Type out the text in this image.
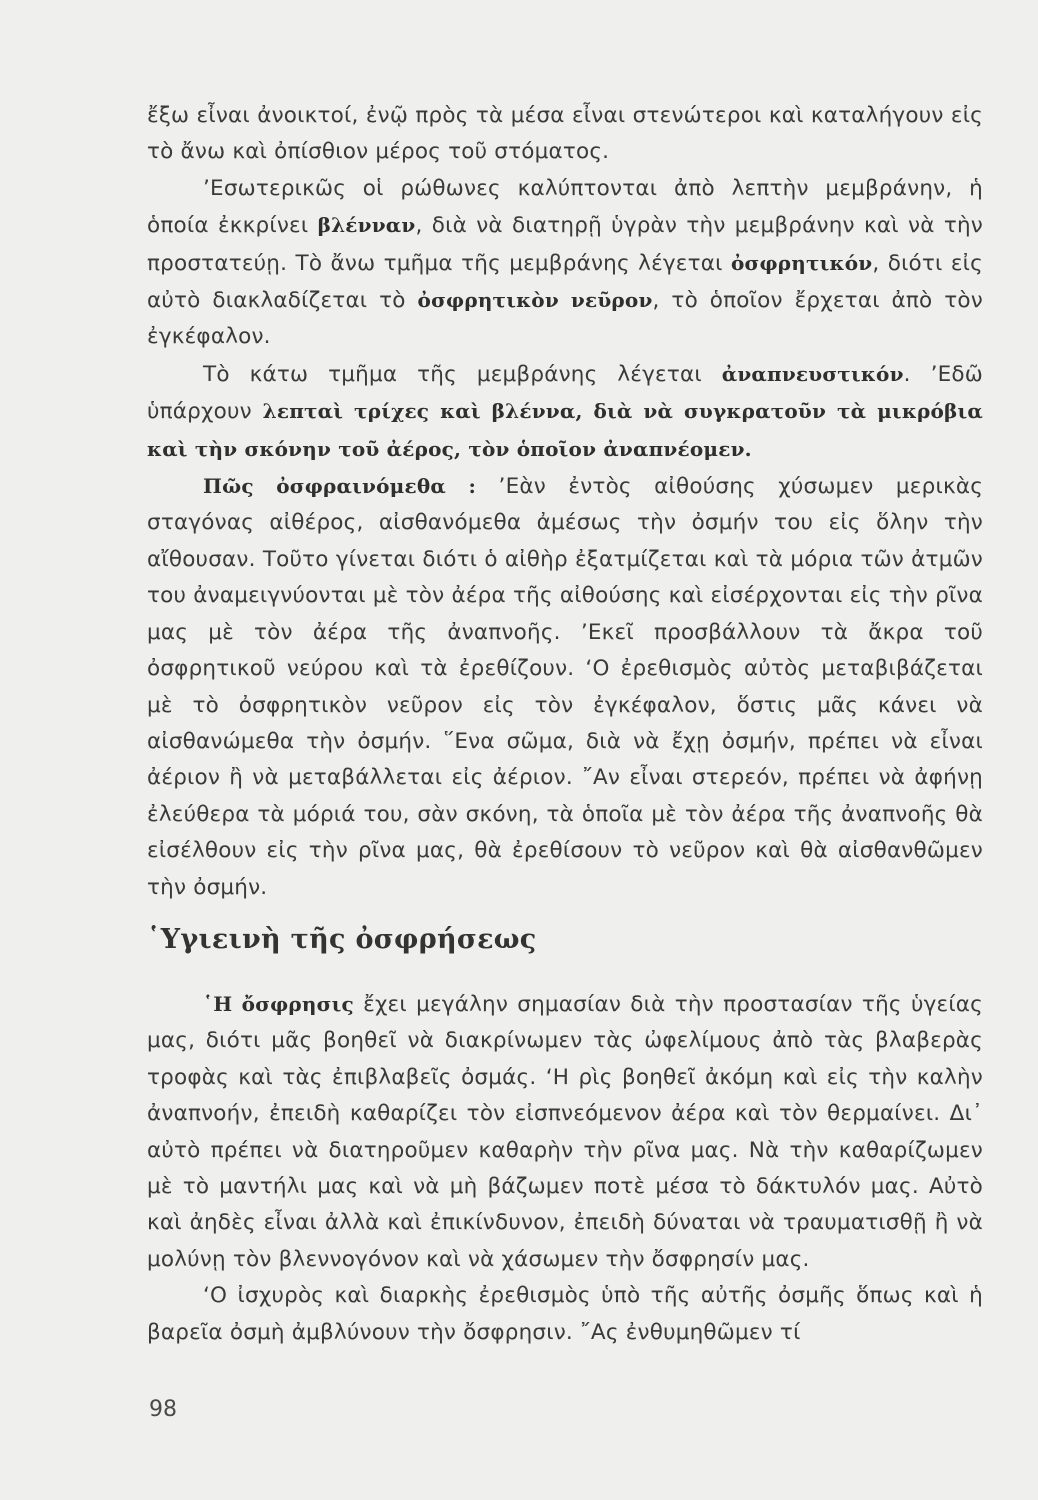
ἔξω εἶναι ἀνοικτοί, ἐνῷ πρὸς τὰ μέσα εἶναι στενώτεροι καὶ καταλήγουν εἰς τὸ ἄνω καὶ ὀπίσθιον μέρος τοῦ στόματος.

’Εσωτερικῶς οἱ ρώθωνες καλύπτονται ἀπὸ λεπτὴν μεμβράνην, ἡ ὁποία ἐκκρίνει βλένναν, διὰ νὰ διατηρῇ ὑγρὰν τὴν μεμβράνην καὶ νὰ τὴν προστατεύῃ. Τὸ ἄνω τμῆμα τῆς μεμβράνης λέγεται ὀσφρητικόν, διότι εἰς αὐτὸ διακλαδίζεται τὸ ὀσφρητικὸν νεῦρον, τὸ ὁποῖον ἔρχεται ἀπὸ τὸν ἐγκέφαλον.

Τὸ κάτω τμῆμα τῆς μεμβράνης λέγεται ἀναπνευστικόν. ’Εδῶ ὑπάρχουν λεπταὶ τρίχες καὶ βλέννα, διὰ νὰ συγκρατοῦν τὰ μικρόβια καὶ τὴν σκόνην τοῦ ἀέρος, τὸν ὁποῖον ἀναπνέομεν.

Πῶς ὀσφραινόμεθα : ’Εὰν ἐντὸς αἰθούσης χύσωμεν μερικὰς σταγόνας αἰθέρος, αἰσθανόμεθα ἀμέσως τὴν ὀσμήν του εἰς ὅλην τὴν αἴθουσαν. Τοῦτο γίνεται διότι ὁ αἰθὴρ ἐξατμίζεται καὶ τὰ μόρια τῶν ἀτμῶν του ἀναμειγνύονται μὲ τὸν ἀέρα τῆς αἰθούσης καὶ εἰσέρχονται εἰς τὴν ρῖνα μας μὲ τὸν ἀέρα τῆς ἀναπνοῆς. ’Εκεῖ προσβάλλουν τὰ ἄκρα τοῦ ὀσφρητικοῦ νεύρου καὶ τὰ ἐρεθίζουν. ‘Ο ἐρεθισμὸς αὐτὸς μεταβιβάζεται μὲ τὸ ὀσφρητικὸν νεῦρον εἰς τὸν ἐγκέφαλον, ὅστις μᾶς κάνει νὰ αἰσθανώμεθα τὴν ὀσμήν. ῞Ενα σῶμα, διὰ νὰ ἔχῃ ὀσμήν, πρέπει νὰ εἶναι ἀέριον ἢ νὰ μεταβάλλεται εἰς ἀέριον. ῎Αν εἶναι στερεόν, πρέπει νὰ ἀφήνῃ ἐλεύθερα τὰ μόριά του, σὰν σκόνη, τὰ ὁποῖα μὲ τὸν ἀέρα τῆς ἀναπνοῆς θὰ εἰσέλθουν εἰς τὴν ρῖνα μας, θὰ ἐρεθίσουν τὸ νεῦρον καὶ θὰ αἰσθανθῶμεν τὴν ὀσμήν.

῾Υγιεινὴ τῆς ὀσφρήσεως

῾Η ὄσφρησις ἔχει μεγάλην σημασίαν διὰ τὴν προστασίαν τῆς ὑγείας μας, διότι μᾶς βοηθεῖ νὰ διακρίνωμεν τὰς ὠφελίμους ἀπὸ τὰς βλαβερὰς τροφὰς καὶ τὰς ἐπιβλαβεῖς ὀσμάς. ‘Η ρὶς βοηθεῖ ἀκόμη καὶ εἰς τὴν καλὴν ἀναπνοήν, ἐπειδὴ καθαρίζει τὸν εἰσπνεόμενον ἀέρα καὶ τὸν θερμαίνει. Δι᾽ αὐτὸ πρέπει νὰ διατηροῦμεν καθαρὴν τὴν ρῖνα μας. Νὰ τὴν καθαρίζωμεν μὲ τὸ μαντήλι μας καὶ νὰ μὴ βάζωμεν ποτὲ μέσα τὸ δάκτυλόν μας. Αὐτὸ καὶ ἀηδὲς εἶναι ἀλλὰ καὶ ἐπικίνδυνον, ἐπειδὴ δύναται νὰ τραυματισθῇ ἢ νὰ μολύνῃ τὸν βλεννογόνον καὶ νὰ χάσωμεν τὴν ὄσφρησίν μας.

‘Ο ἰσχυρὸς καὶ διαρκὴς ἐρεθισμὸς ὑπὸ τῆς αὐτῆς ὀσμῆς ὅπως καὶ ἡ βαρεῖα ὀσμὴ ἀμβλύνουν τὴν ὄσφρησιν. ῎Ας ἐνθυμηθῶμεν τί

98
